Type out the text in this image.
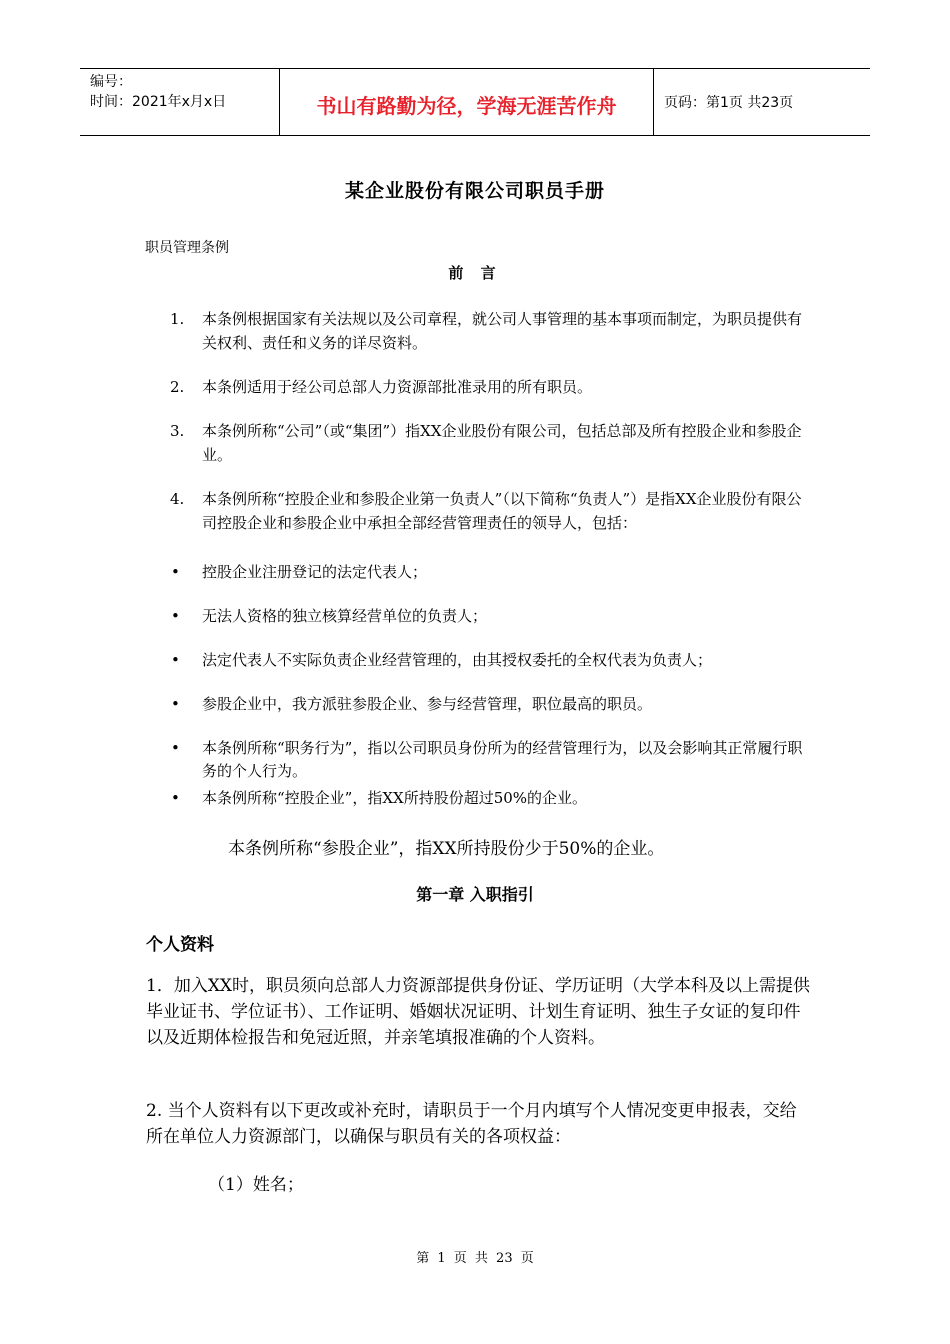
编号：
时间：2021年x月x日	书山有路勤为径，学海无涯苦作舟	页码：第1页 共23页
某企业股份有限公司职员手册
职员管理条例
前 言
1.	本条例根据国家有关法规以及公司章程，就公司人事管理的基本事项而制定，为职员提供有关权利、责任和义务的详尽资料。
2.	本条例适用于经公司总部人力资源部批准录用的所有职员。
3.	本条例所称“公司”（或“集团”）指XX企业股份有限公司，包括总部及所有控股企业和参股企业。
4.	本条例所称“控股企业和参股企业第一负责人”（以下简称“负责人”）是指XX企业股份有限公司控股企业和参股企业中承担全部经营管理责任的领导人，包括：
•	控股企业注册登记的法定代表人；
•	无法人资格的独立核算经营单位的负责人；
•	法定代表人不实际负责企业经营管理的，由其授权委托的全权代表为负责人；
•	参股企业中，我方派驻参股企业、参与经营管理，职位最高的职员。
•	本条例所称“职务行为”，指以公司职员身份所为的经营管理行为，以及会影响其正常履行职务的个人行为。
•	本条例所称“控股企业”，指XX所持股份超过50%的企业。
本条例所称“参股企业”，指XX所持股份少于50%的企业。
第一章 入职指引
个人资料
1．加入XX时，职员须向总部人力资源部提供身份证、学历证明（大学本科及以上需提供毕业证书、学位证书）、工作证明、婚姻状况证明、计划生育证明、独生子女证的复印件以及近期体检报告和免冠近照，并亲笔填报准确的个人资料。
2. 当个人资料有以下更改或补充时，请职员于一个月内填写个人情况变更申报表，交给所在单位人力资源部门，以确保与职员有关的各项权益：
（1）姓名；
第 1 页 共 23 页
